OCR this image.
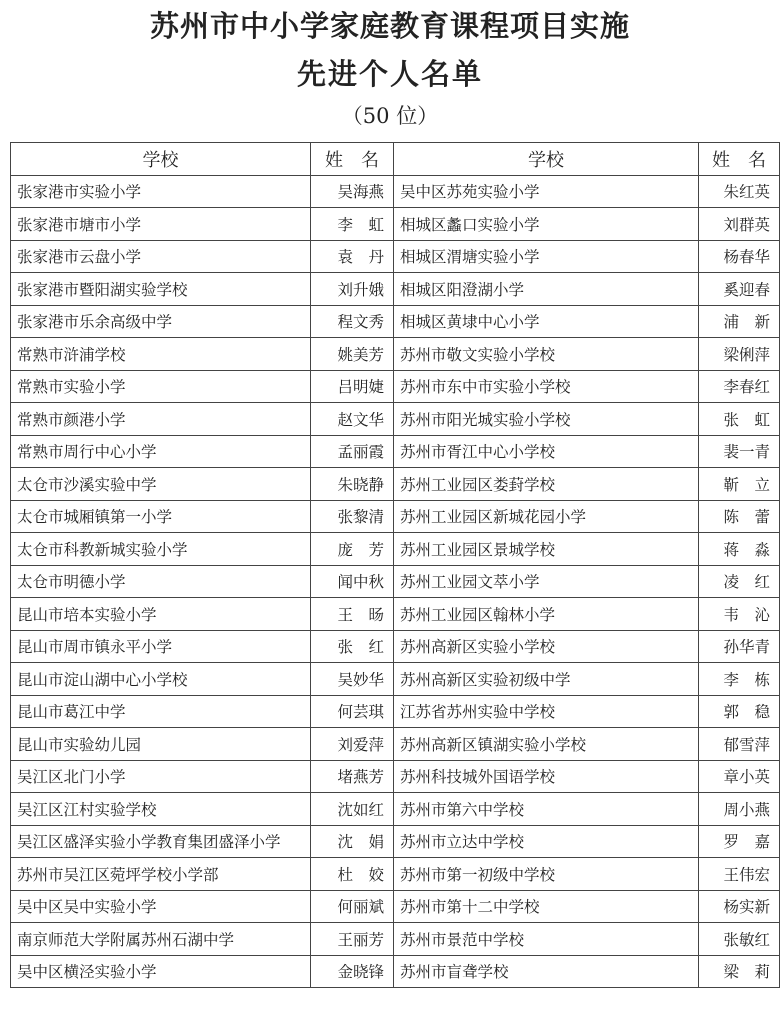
苏州市中小学家庭教育课程项目实施
先进个人名单
（50 位）
学校	姓　名	学校	姓　名
张家港市实验小学	吴海燕	吴中区苏苑实验小学	朱红英
张家港市塘市小学	李　虹	相城区蠡口实验小学	刘群英
张家港市云盘小学	袁　丹	相城区渭塘实验小学	杨春华
张家港市暨阳湖实验学校	刘升娥	相城区阳澄湖小学	奚迎春
张家港市乐余高级中学	程文秀	相城区黄埭中心小学	浦　新
常熟市浒浦学校	姚美芳	苏州市敬文实验小学校	梁俐萍
常熟市实验小学	吕明婕	苏州市东中市实验小学校	李春红
常熟市颜港小学	赵文华	苏州市阳光城实验小学校	张　虹
常熟市周行中心小学	孟丽霞	苏州市胥江中心小学校	裴一青
太仓市沙溪实验中学	朱晓静	苏州工业园区娄葑学校	靳　立
太仓市城厢镇第一小学	张黎清	苏州工业园区新城花园小学	陈　蕾
太仓市科教新城实验小学	庞　芳	苏州工业园区景城学校	蒋　淼
太仓市明德小学	闻中秋	苏州工业园文萃小学	凌　红
昆山市培本实验小学	王　旸	苏州工业园区翰林小学	韦　沁
昆山市周市镇永平小学	张　红	苏州高新区实验小学校	孙华青
昆山市淀山湖中心小学校	吴妙华	苏州高新区实验初级中学	李　栋
昆山市葛江中学	何芸琪	江苏省苏州实验中学校	郭　稳
昆山市实验幼儿园	刘爱萍	苏州高新区镇湖实验小学校	郁雪萍
吴江区北门小学	堵燕芳	苏州科技城外国语学校	章小英
吴江区江村实验学校	沈如红	苏州市第六中学校	周小燕
吴江区盛泽实验小学教育集团盛泽小学	沈　娟	苏州市立达中学校	罗　嘉
苏州市吴江区菀坪学校小学部	杜　姣	苏州市第一初级中学校	王伟宏
吴中区吴中实验小学	何丽斌	苏州市第十二中学校	杨实新
南京师范大学附属苏州石湖中学	王丽芳	苏州市景范中学校	张敏红
吴中区横泾实验小学	金晓锋	苏州市盲聋学校	梁　莉
